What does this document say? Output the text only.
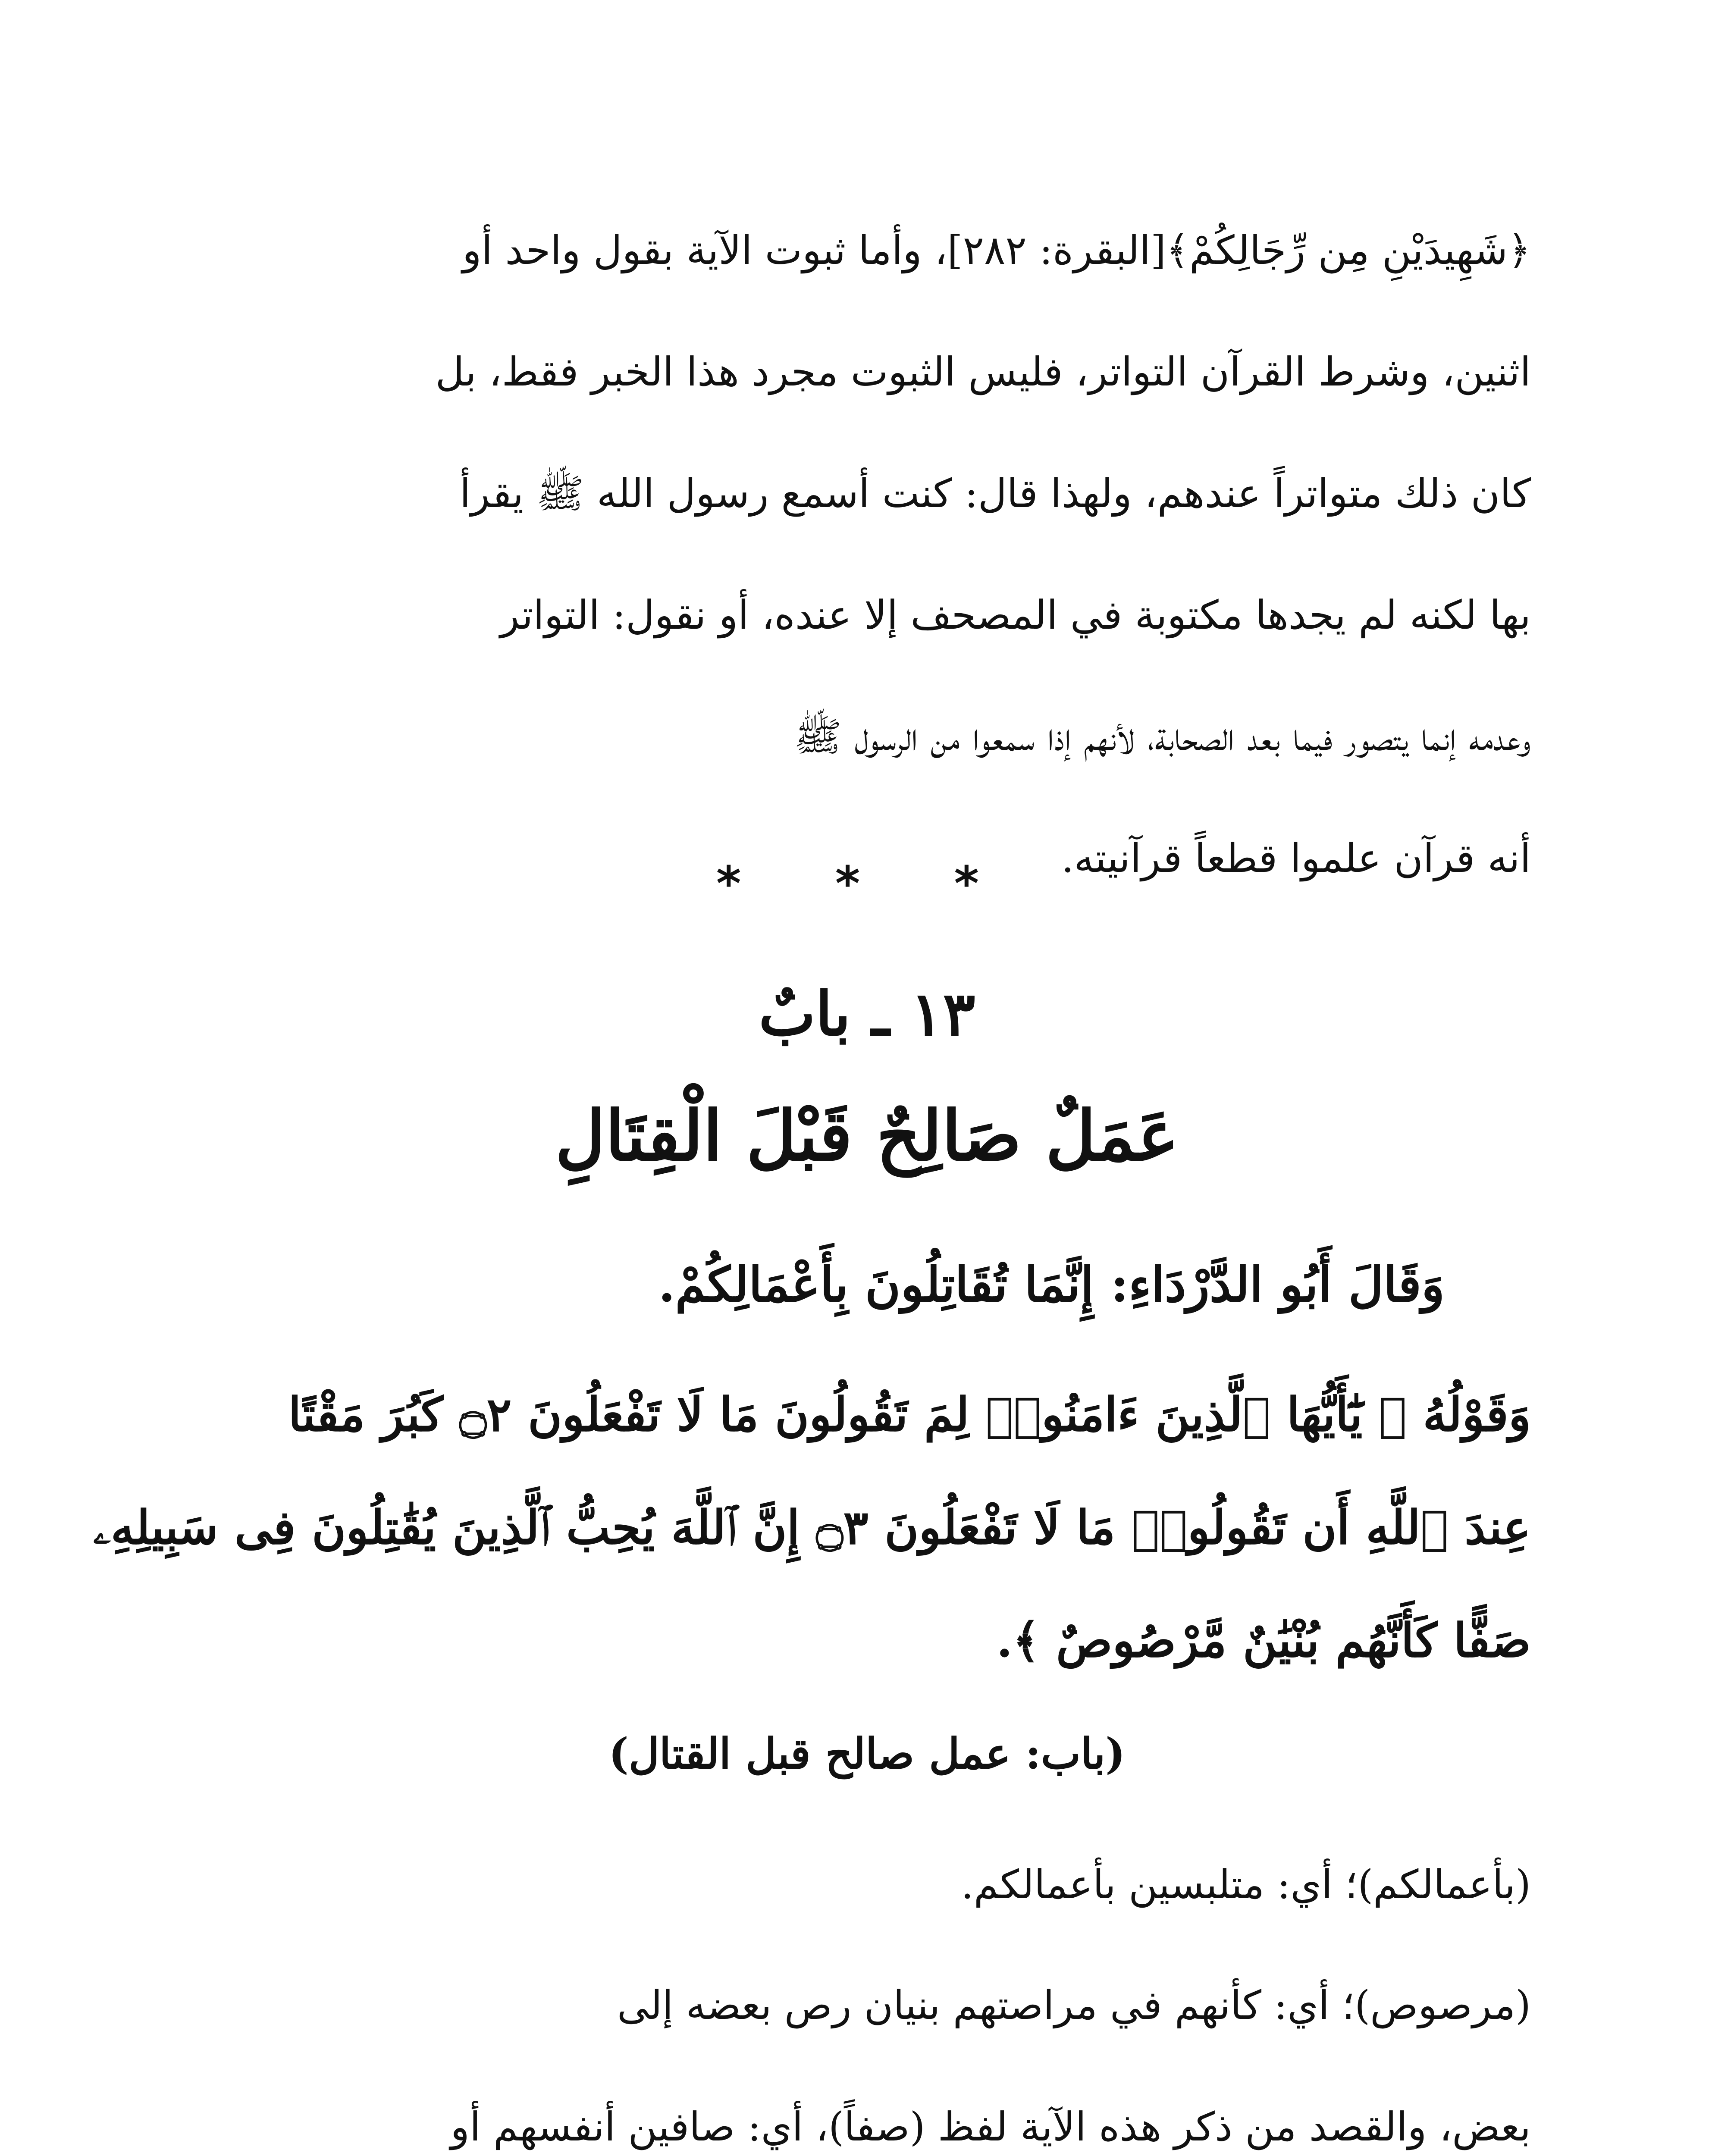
﴿شَهِيدَيْنِ مِن رِّجَالِكُمْ﴾[البقرة: ٢٨٢]، وأما ثبوت الآية بقول واحد أو
اثنين، وشرط القرآن التواتر، فليس الثبوت مجرد هذا الخبر فقط، بل
كان ذلك متواتراً عندهم، ولهذا قال: كنت أسمع رسول الله ﷺ يقرأ
بها لكنه لم يجدها مكتوبة في المصحف إلا عنده، أو نقول: التواتر
وعدمه إنما يتصور فيما بعد الصحابة، لأنهم إذا سمعوا من الرسول ﷺ
أنه قرآن علموا قطعاً قرآنيته.

* * *
١٣ ـ بابٌ
عَمَلٌ صَالِحٌ قَبْلَ الْقِتَالِ
وَقَالَ أَبُو الدَّرْدَاءِ: إِنَّمَا تُقَاتِلُونَ بِأَعْمَالِكُمْ.
وَقَوْلُهُ ﴿ يَٰٓأَيُّهَا ٱلَّذِينَ ءَامَنُوا۟ لِمَ تَقُولُونَ مَا لَا تَفْعَلُونَ ۝٢ كَبُرَ مَقْتًا
عِندَ ٱللَّهِ أَن تَقُولُوا۟ مَا لَا تَفْعَلُونَ ۝٣ إِنَّ ٱللَّهَ يُحِبُّ ٱلَّذِينَ يُقَٰتِلُونَ فِى سَبِيلِهِۦ
صَفًّا كَأَنَّهُم بُنْيَٰنٌ مَّرْصُوصٌ ﴾.
(باب: عمل صالح قبل القتال)

(بأعمالكم)؛ أي: متلبسين بأعمالكم.

(مرصوص)؛ أي: كأنهم في مراصتهم بنيان رص بعضه إلى
بعض، والقصد من ذكر هذه الآية لفظ (صفاً)، أي: صافين أنفسهم أو
